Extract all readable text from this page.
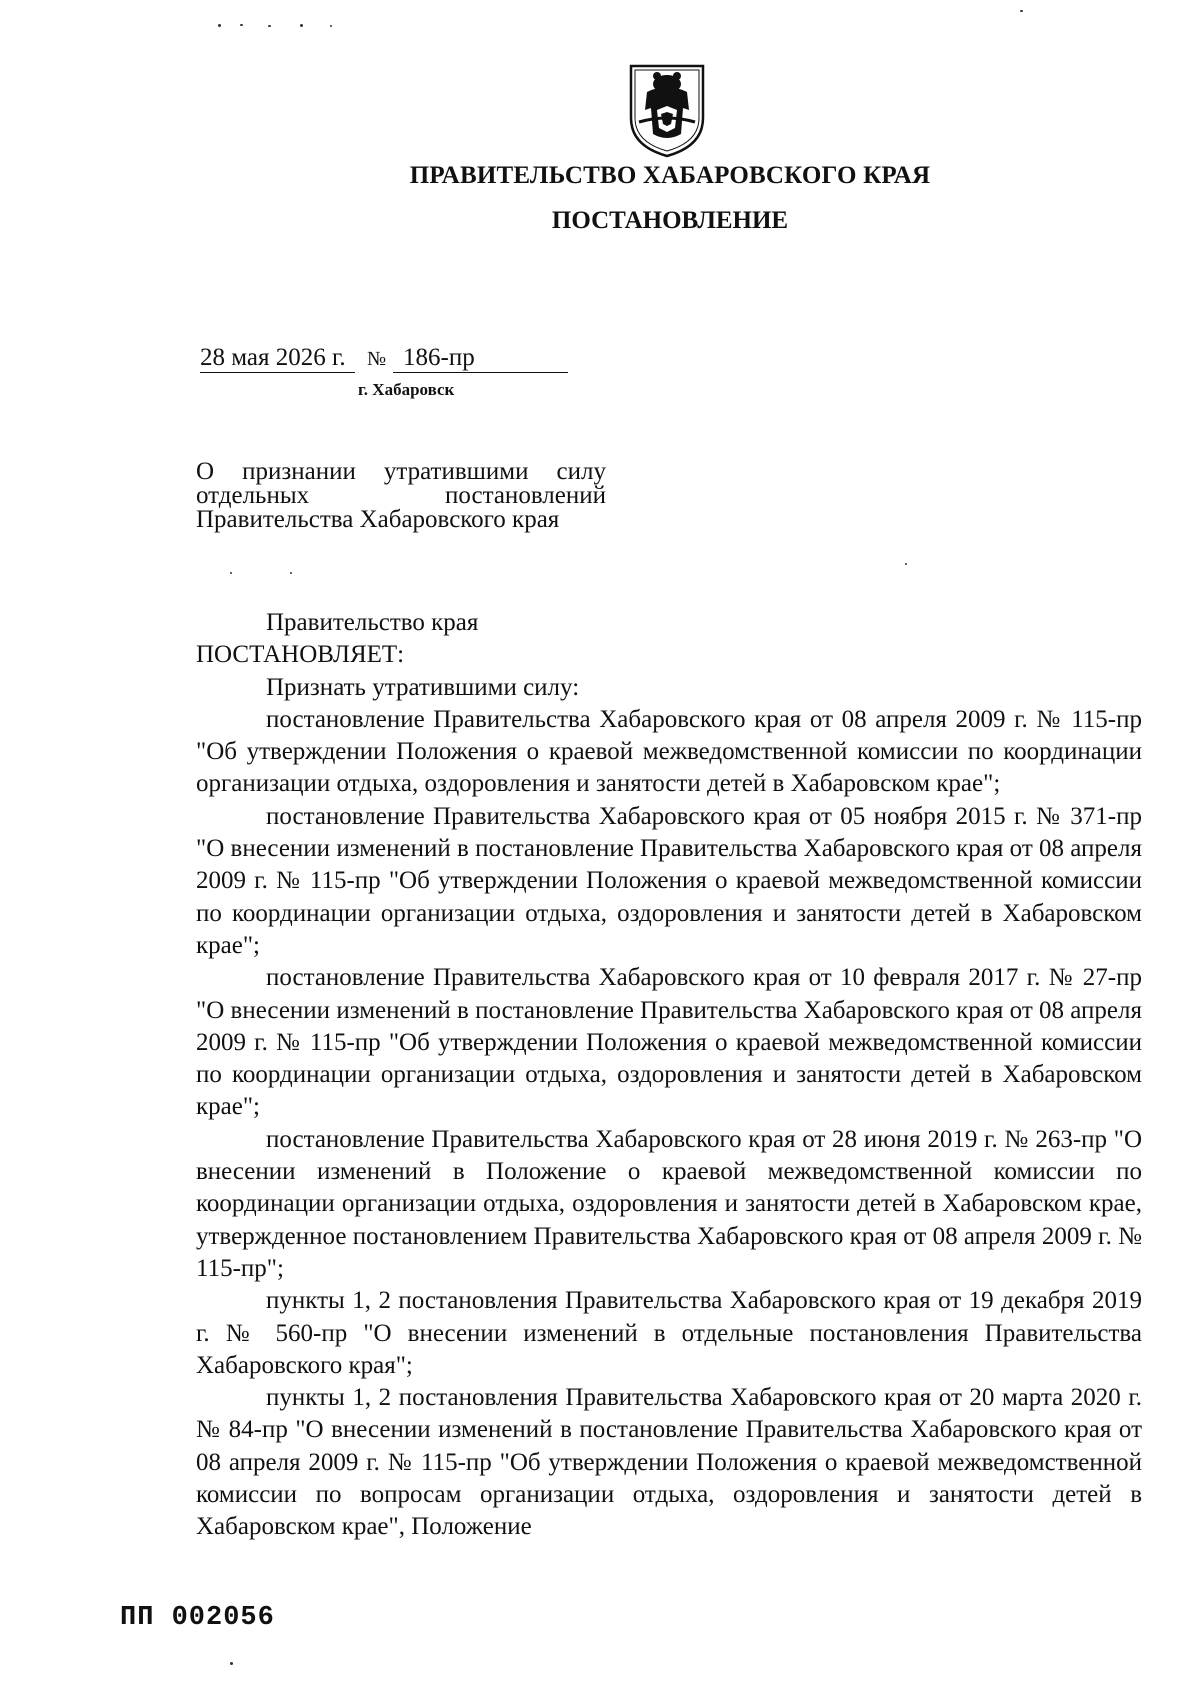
ПРАВИТЕЛЬСТВО ХАБАРОВСКОГО КРАЯ
ПОСТАНОВЛЕНИЕ
28 мая 2026 г. № 186-пр
г. Хабаровск
О признании утратившими силу
отдельных постановлений
Правительства Хабаровского края
Правительство края
ПОСТАНОВЛЯЕТ:
Признать утратившими силу:

постановление Правительства Хабаровского края от 08 апреля 2009 г. № 115-пр "Об утверждении Положения о краевой межведомственной комиссии по координации организации отдыха, оздоровления и занятости детей в Хабаровском крае";

постановление Правительства Хабаровского края от 05 ноября 2015 г. № 371-пр "О внесении изменений в постановление Правительства Хабаровского края от 08 апреля 2009 г. № 115-пр "Об утверждении Положения о краевой межведомственной комиссии по координации организации отдыха, оздоровления и занятости детей в Хабаровском крае";

постановление Правительства Хабаровского края от 10 февраля 2017 г. № 27-пр "О внесении изменений в постановление Правительства Хабаровского края от 08 апреля 2009 г. № 115-пр "Об утверждении Положения о краевой межведомственной комиссии по координации организации отдыха, оздоровления и занятости детей в Хабаровском крае";

постановление Правительства Хабаровского края от 28 июня 2019 г. № 263-пр "О внесении изменений в Положение о краевой межведомственной комиссии по координации организации отдыха, оздоровления и занятости детей в Хабаровском крае, утвержденное постановлением Правительства Хабаровского края от 08 апреля 2009 г. № 115-пр";

пункты 1, 2 постановления Правительства Хабаровского края от 19 декабря 2019 г. № 560-пр "О внесении изменений в отдельные постановления Правительства Хабаровского края";

пункты 1, 2 постановления Правительства Хабаровского края от 20 марта 2020 г. № 84-пр "О внесении изменений в постановление Правительства Хабаровского края от 08 апреля 2009 г. № 115-пр "Об утверждении Положения о краевой межведомственной комиссии по вопросам организации отдыха, оздоровления и занятости детей в Хабаровском крае", Положение

ПП 002056
